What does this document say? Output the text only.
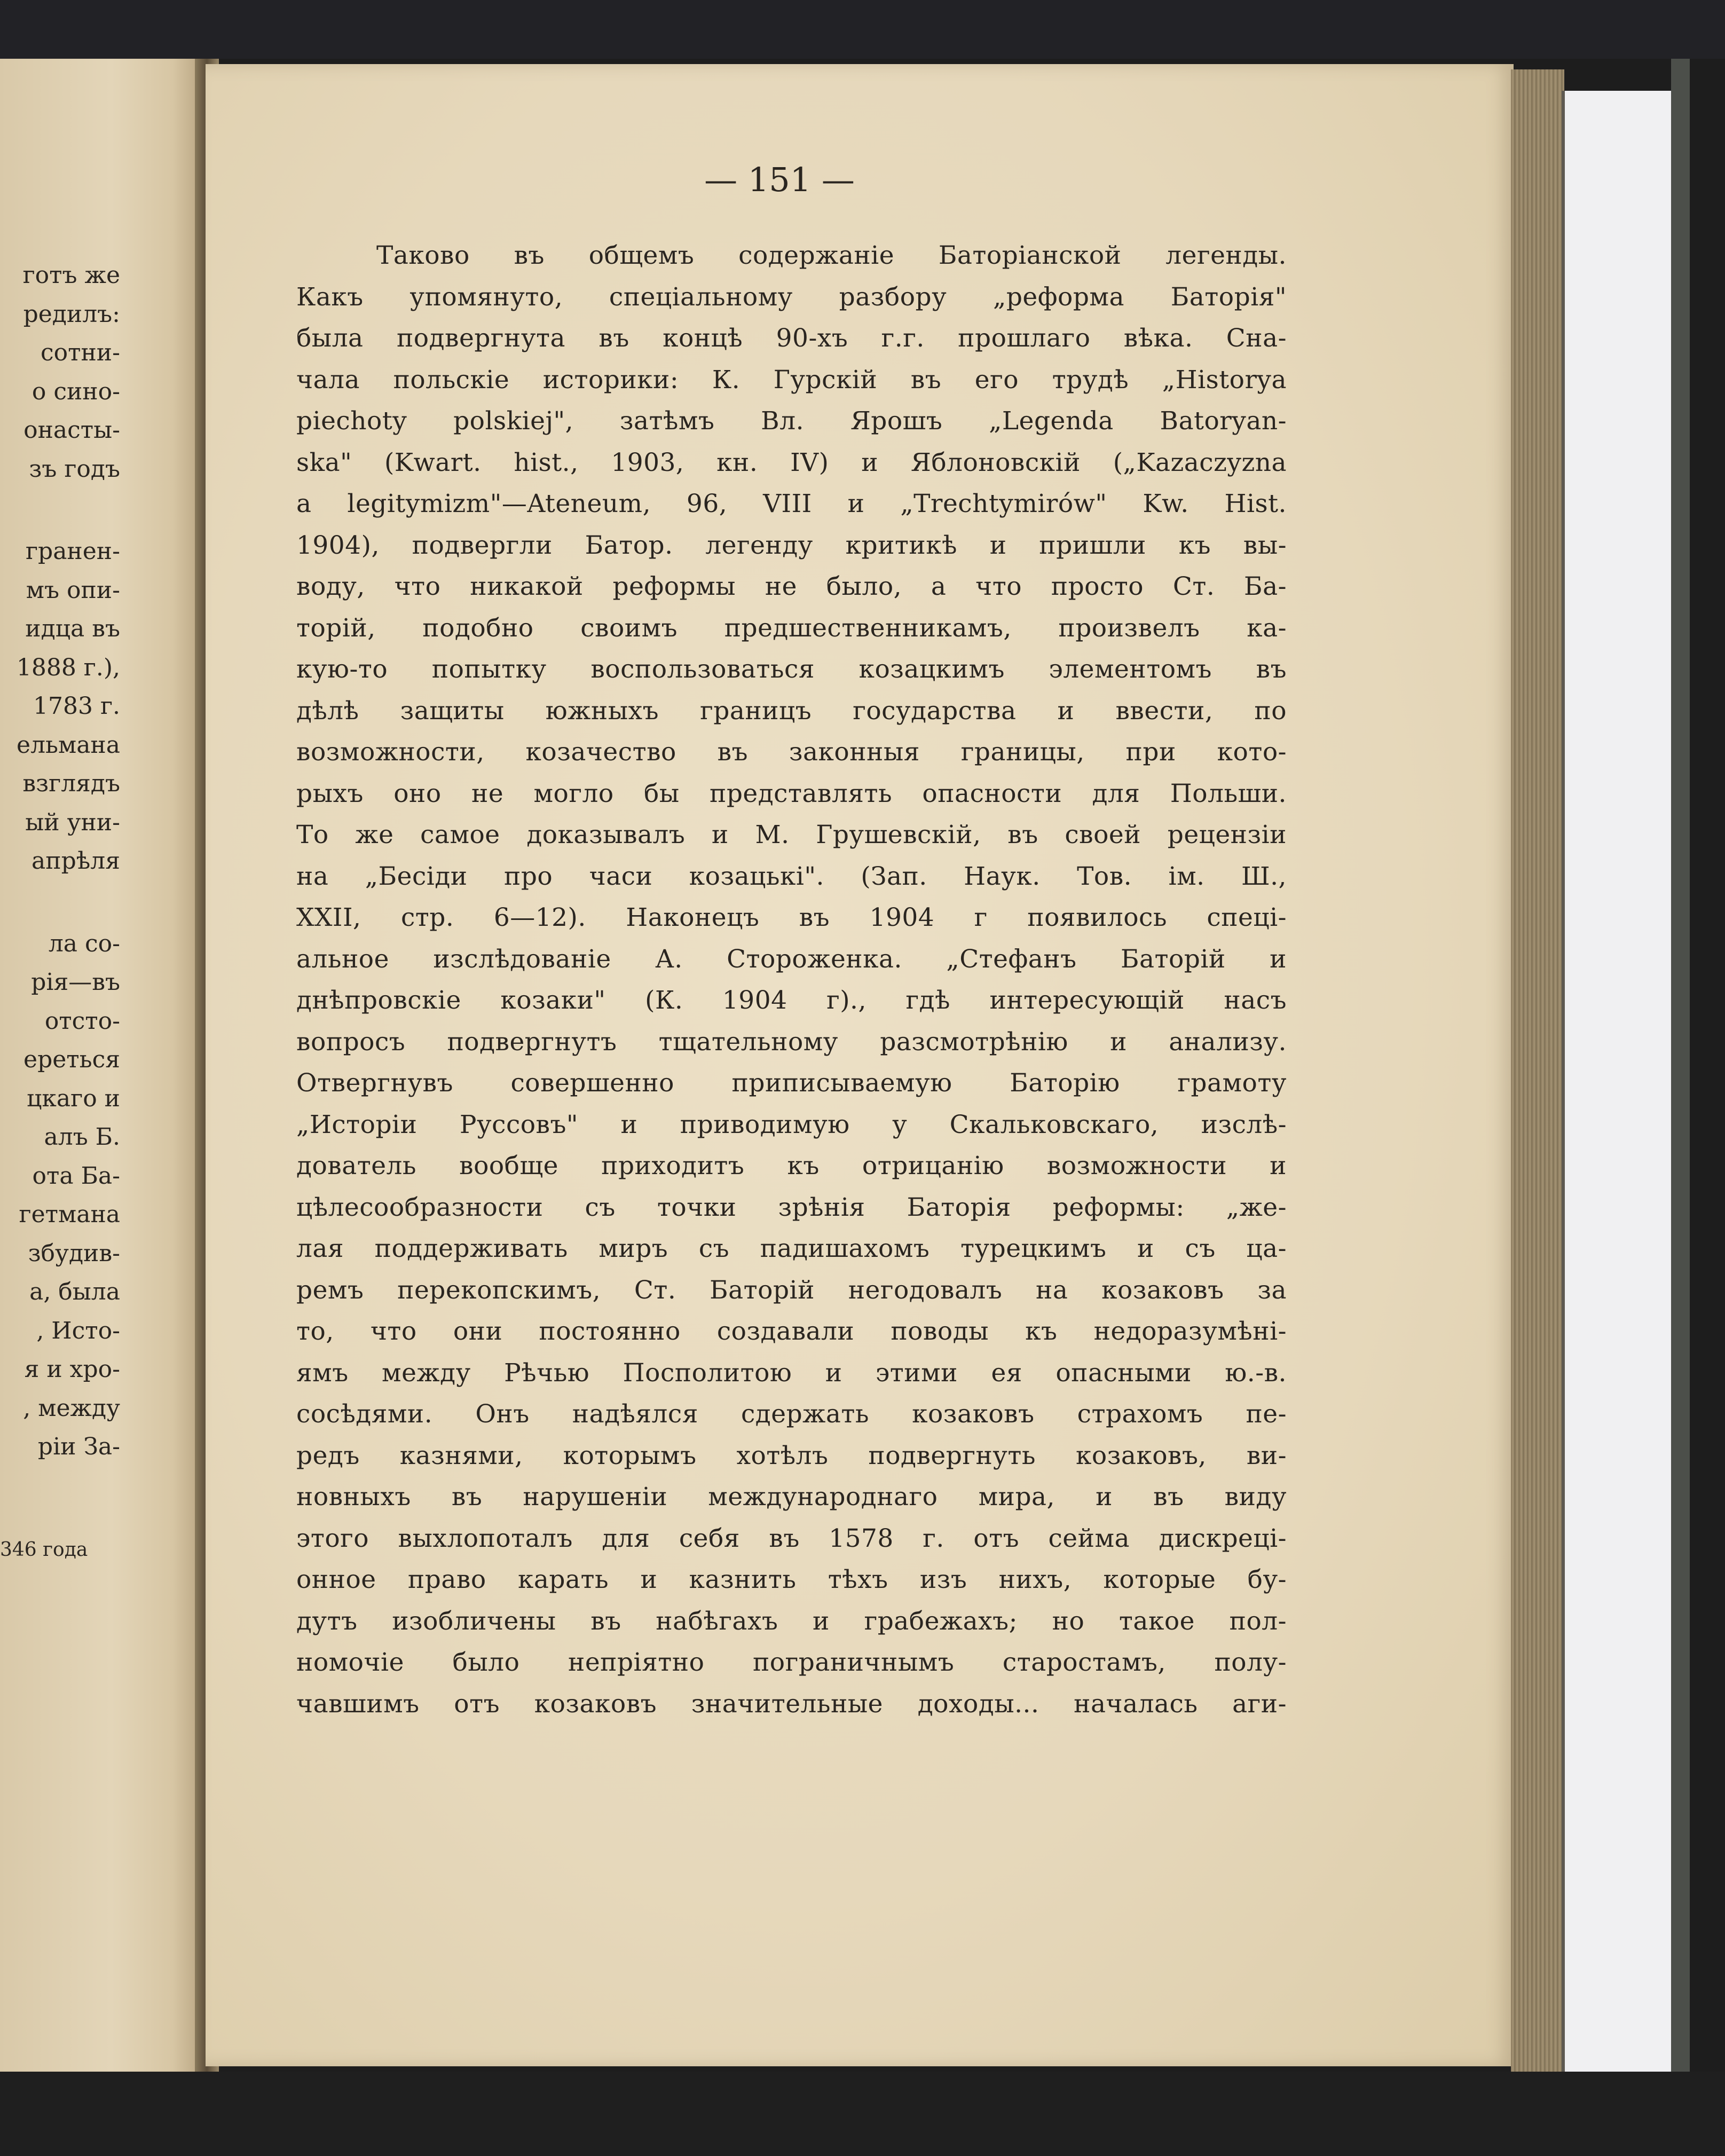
готъ же
редилъ:
сотни-
о сино-
онасты-
зъ годъ
гранен-
мъ опи-
идца въ
1888 г.),
1783 г.
ельмана
взглядъ
ый уни-
апрѣля
ла со-
рія—въ
отсто-
ереться
цкаго и
алъ Б.
ота Ба-
гетмана
збудив-
а, была
, Исто-
я и хро-
, между
ріи За-
346 года
— 151 —
Таково въ общемъ содержаніе Баторіанской легенды.
Какъ упомянуто, спеціальному разбору „реформа Баторія"
была подвергнута въ концѣ 90-хъ г.г. прошлаго вѣка. Сна-
чала польскіе историки: К. Гурскій въ его трудѣ „Historya
piechoty polskiej", затѣмъ Вл. Ярошъ „Legenda Batoryan-
ska" (Kwart. hist., 1903, кн. IV) и Яблоновскій („Kazaczyzna
a legitymizm"—Ateneum, 96, VIII и „Trechtymirów" Kw. Hist.
1904), подвергли Батор. легенду критикѣ и пришли къ вы-
воду, что никакой реформы не было, а что просто Ст. Ба-
торій, подобно своимъ предшественникамъ, произвелъ ка-
кую-то попытку воспользоваться козацкимъ элементомъ въ
дѣлѣ защиты южныхъ границъ государства и ввести, по
возможности, козачество въ законныя границы, при кото-
рыхъ оно не могло бы представлять опасности для Польши.
То же самое доказывалъ и М. Грушевскій, въ своей рецензіи
на „Бесіди про часи козацькі". (Зап. Наук. Тов. ім. Ш.,
XXII, стр. 6—12). Наконецъ въ 1904 г появилось спеці-
альное изслѣдованіе А. Стороженка. „Стефанъ Баторій и
днѣпровскіе козаки" (К. 1904 г)., гдѣ интересующій насъ
вопросъ подвергнутъ тщательному разсмотрѣнію и анализу.
Отвергнувъ совершенно приписываемую Баторію грамоту
„Исторіи Руссовъ" и приводимую у Скальковскаго, изслѣ-
дователь вообще приходитъ къ отрицанію возможности и
цѣлесообразности съ точки зрѣнія Баторія реформы: „же-
лая поддерживать миръ съ падишахомъ турецкимъ и съ ца-
ремъ перекопскимъ, Ст. Баторій негодовалъ на козаковъ за
то, что они постоянно создавали поводы къ недоразумѣні-
ямъ между Рѣчью Посполитою и этими ея опасными ю.-в.
сосѣдями. Онъ надѣялся сдержать козаковъ страхомъ пе-
редъ казнями, которымъ хотѣлъ подвергнуть козаковъ, ви-
новныхъ въ нарушеніи международнаго мира, и въ виду
этого выхлопоталъ для себя въ 1578 г. отъ сейма дискреці-
онное право карать и казнить тѣхъ изъ нихъ, которые бу-
дутъ изобличены въ набѣгахъ и грабежахъ; но такое пол-
номочіе было непріятно пограничнымъ старостамъ, полу-
чавшимъ отъ козаковъ значительные доходы... началась аги-
